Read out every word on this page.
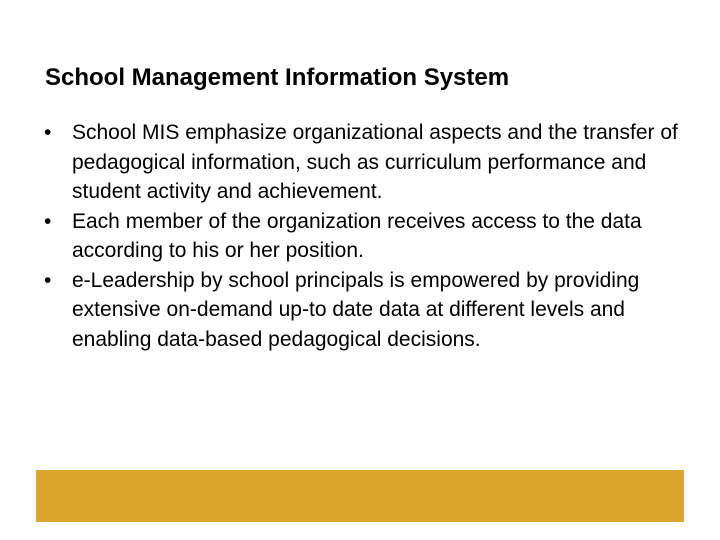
School Management Information System
• School MIS emphasize organizational aspects and the transfer of pedagogical information, such as curriculum performance and student activity and achievement.
• Each member of the organization receives access to the data according to his or her position.
• e-Leadership by school principals is empowered by providing extensive on-demand up-to date data at different levels and enabling data-based pedagogical decisions.
